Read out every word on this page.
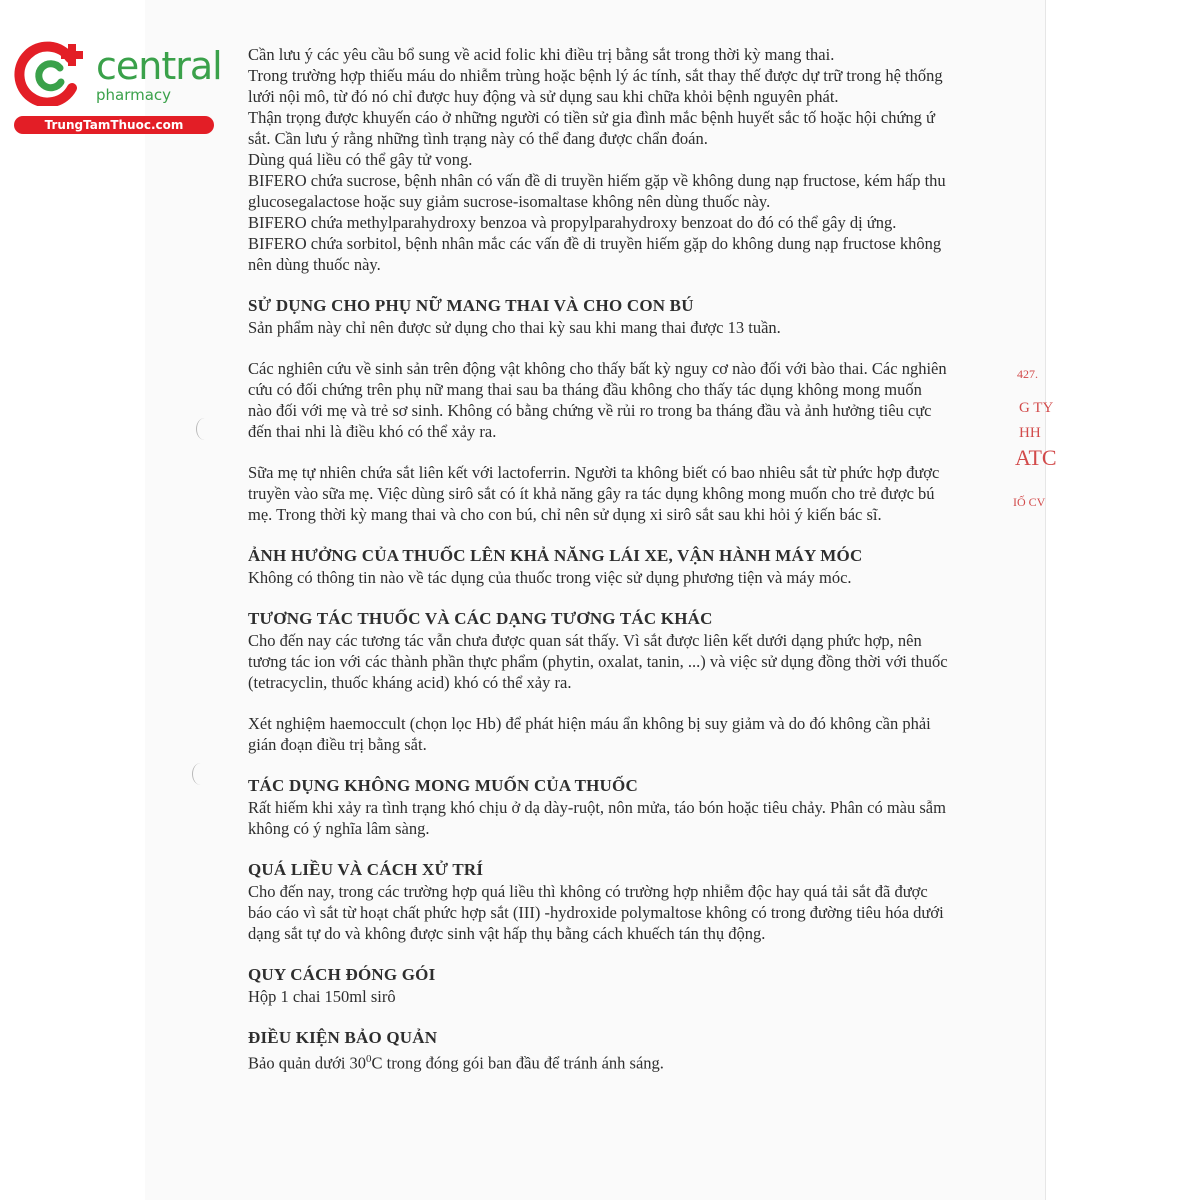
central
pharmacy
TrungTamThuoc.com

Cần lưu ý các yêu cầu bổ sung về acid folic khi điều trị bằng sắt trong thời kỳ mang thai.

Trong trường hợp thiếu máu do nhiễm trùng hoặc bệnh lý ác tính, sắt thay thế được dự trữ trong hệ thống lưới nội mô, từ đó nó chỉ được huy động và sử dụng sau khi chữa khỏi bệnh nguyên phát.

Thận trọng được khuyến cáo ở những người có tiền sử gia đình mắc bệnh huyết sắc tố hoặc hội chứng ứ sắt. Cần lưu ý rằng những tình trạng này có thể đang được chẩn đoán.

Dùng quá liều có thể gây tử vong.

BIFERO chứa sucrose, bệnh nhân có vấn đề di truyền hiếm gặp về không dung nạp fructose, kém hấp thu glucosegalactose hoặc suy giảm sucrose-isomaltase không nên dùng thuốc này.

BIFERO chứa methylparahydroxy benzoa và propylparahydroxy benzoat do đó có thể gây dị ứng.

BIFERO chứa sorbitol, bệnh nhân mắc các vấn đề di truyền hiếm gặp do không dung nạp fructose không nên dùng thuốc này.

SỬ DỤNG CHO PHỤ NỮ MANG THAI VÀ CHO CON BÚ

Sản phẩm này chỉ nên được sử dụng cho thai kỳ sau khi mang thai được 13 tuần.

Các nghiên cứu về sinh sản trên động vật không cho thấy bất kỳ nguy cơ nào đối với bào thai. Các nghiên cứu có đối chứng trên phụ nữ mang thai sau ba tháng đầu không cho thấy tác dụng không mong muốn nào đối với mẹ và trẻ sơ sinh. Không có bằng chứng về rủi ro trong ba tháng đầu và ảnh hưởng tiêu cực đến thai nhi là điều khó có thể xảy ra.

Sữa mẹ tự nhiên chứa sắt liên kết với lactoferrin. Người ta không biết có bao nhiêu sắt từ phức hợp được truyền vào sữa mẹ. Việc dùng sirô sắt có ít khả năng gây ra tác dụng không mong muốn cho trẻ được bú mẹ. Trong thời kỳ mang thai và cho con bú, chỉ nên sử dụng xi sirô sắt sau khi hỏi ý kiến bác sĩ.

ẢNH HƯỞNG CỦA THUỐC LÊN KHẢ NĂNG LÁI XE, VẬN HÀNH MÁY MÓC

Không có thông tin nào về tác dụng của thuốc trong việc sử dụng phương tiện và máy móc.

TƯƠNG TÁC THUỐC VÀ CÁC DẠNG TƯƠNG TÁC KHÁC

Cho đến nay các tương tác vẫn chưa được quan sát thấy. Vì sắt được liên kết dưới dạng phức hợp, nên tương tác ion với các thành phần thực phẩm (phytin, oxalat, tanin, ...) và việc sử dụng đồng thời với thuốc (tetracyclin, thuốc kháng acid) khó có thể xảy ra.

Xét nghiệm haemoccult (chọn lọc Hb) để phát hiện máu ẩn không bị suy giảm và do đó không cần phải gián đoạn điều trị bằng sắt.

TÁC DỤNG KHÔNG MONG MUỐN CỦA THUỐC

Rất hiếm khi xảy ra tình trạng khó chịu ở dạ dày-ruột, nôn mửa, táo bón hoặc tiêu chảy. Phân có màu sẫm không có ý nghĩa lâm sàng.

QUÁ LIỀU VÀ CÁCH XỬ TRÍ

Cho đến nay, trong các trường hợp quá liều thì không có trường hợp nhiễm độc hay quá tải sắt đã được báo cáo vì sắt từ hoạt chất phức hợp sắt (III) -hydroxide polymaltose không có trong đường tiêu hóa dưới dạng sắt tự do và không được sinh vật hấp thụ bằng cách khuếch tán thụ động.

QUY CÁCH ĐÓNG GÓI

Hộp 1 chai 150ml sirô

ĐIỀU KIỆN BẢO QUẢN

Bảo quản dưới $30^0C$ trong đóng gói ban đầu để tránh ánh sáng.

427.
G TY
HH
ATC
IỐ CV
